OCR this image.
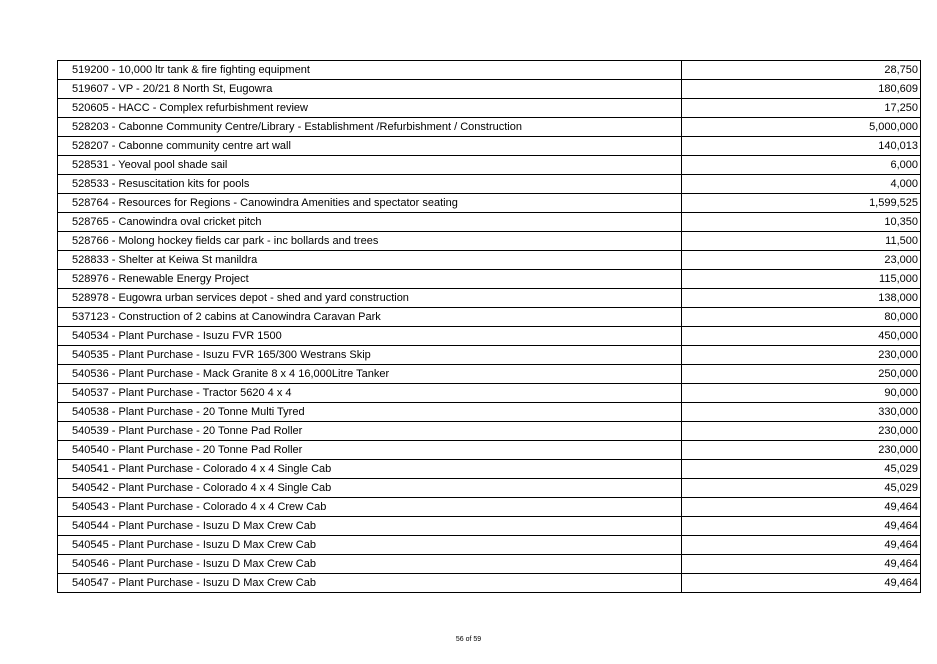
519200 - 10,000 ltr tank & fire fighting equipment	28,750
519607 - VP - 20/21 8 North St, Eugowra	180,609
520605 - HACC - Complex refurbishment review	17,250
528203 - Cabonne Community Centre/Library - Establishment /Refurbishment / Construction	5,000,000
528207 - Cabonne community centre art wall	140,013
528531 - Yeoval pool shade sail	6,000
528533 - Resuscitation kits for pools	4,000
528764 - Resources for Regions - Canowindra Amenities and spectator seating	1,599,525
528765 - Canowindra oval cricket pitch	10,350
528766 - Molong hockey fields car park - inc bollards and trees	11,500
528833 - Shelter at Keiwa St manildra	23,000
528976 - Renewable Energy Project	115,000
528978 - Eugowra urban services depot - shed and yard construction	138,000
537123 - Construction of 2 cabins at Canowindra Caravan Park	80,000
540534 - Plant Purchase - Isuzu FVR 1500	450,000
540535 - Plant Purchase - Isuzu FVR 165/300 Westrans Skip	230,000
540536 - Plant Purchase - Mack Granite 8 x 4 16,000Litre Tanker	250,000
540537 - Plant Purchase - Tractor 5620 4 x 4	90,000
540538 - Plant Purchase - 20 Tonne Multi Tyred	330,000
540539 - Plant Purchase - 20 Tonne Pad Roller	230,000
540540 - Plant Purchase - 20 Tonne Pad Roller	230,000
540541 - Plant Purchase - Colorado 4 x 4 Single Cab	45,029
540542 - Plant Purchase - Colorado 4 x 4 Single Cab	45,029
540543 - Plant Purchase - Colorado 4 x 4 Crew Cab	49,464
540544 - Plant Purchase - Isuzu D Max Crew Cab	49,464
540545 - Plant Purchase - Isuzu D Max Crew Cab	49,464
540546 - Plant Purchase - Isuzu D Max Crew Cab	49,464
540547 - Plant Purchase - Isuzu D Max Crew Cab	49,464
56 of 59
